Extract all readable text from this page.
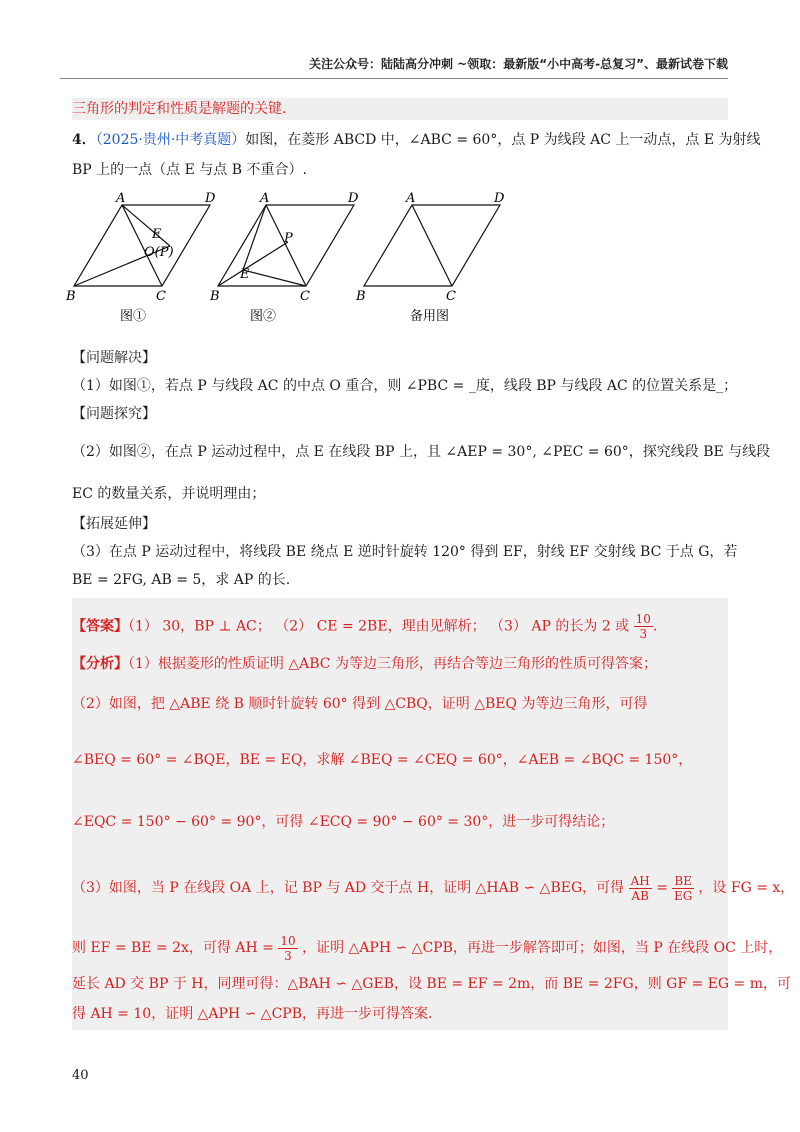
关注公众号：陆陆高分冲刺 ~领取：最新版“小中高考-总复习”、最新试卷下载
三角形的判定和性质是解题的关键.
4．（2025·贵州·中考真题）如图，在菱形 ABCD 中，∠ABC = 60°，点 P 为线段 AC 上一动点，点 E 为射线
BP 上的一点（点 E 与点 B 不重合）.
A	D
B	C
E
O(P)
图①
A	D
B	C
P
E
图②
A	D
B	C
备用图
【问题解决】
（1）如图①，若点 P 与线段 AC 的中点 O 重合，则 ∠PBC = _度，线段 BP 与线段 AC 的位置关系是_；
【问题探究】
（2）如图②，在点 P 运动过程中，点 E 在线段 BP 上，且 ∠AEP = 30°, ∠PEC = 60°，探究线段 BE 与线段
EC 的数量关系，并说明理由；
【拓展延伸】
（3）在点 P 运动过程中，将线段 BE 绕点 E 逆时针旋转 120° 得到 EF，射线 EF 交射线 BC 于点 G，若
BE = 2FG, AB = 5，求 AP 的长.
【答案】（1） 30，BP ⊥ AC； （2） CE = 2BE，理由见解析； （3） AP 的长为 2 或 $\frac{10}{3}$ .
【分析】（1）根据菱形的性质证明 △ABC 为等边三角形，再结合等边三角形的性质可得答案；
（2）如图，把 △ABE 绕 B 顺时针旋转 60° 得到 △CBQ，证明 △BEQ 为等边三角形，可得
∠BEQ = 60° = ∠BQE，BE = EQ，求解 ∠BEQ = ∠CEQ = 60°，∠AEB = ∠BQC = 150°，
∠EQC = 150° − 60° = 90°，可得 ∠ECQ = 90° − 60° = 30°，进一步可得结论；
（3）如图，当 P 在线段 OA 上，记 BP 与 AD 交于点 H，证明 △HAB ∽ △BEG，可得 $\frac{AH}{AB} = \frac{BE}{EG}$ ，设 FG = x，
则 EF = BE = 2x，可得 AH = $\frac{10}{3}$ ，证明 △APH ∽ △CPB，再进一步解答即可；如图，当 P 在线段 OC 上时，
延长 AD 交 BP 于 H，同理可得：△BAH ∽ △GEB，设 BE = EF = 2m，而 BE = 2FG，则 GF = EG = m，可
得 AH = 10，证明 △APH ∽ △CPB，再进一步可得答案.
40
